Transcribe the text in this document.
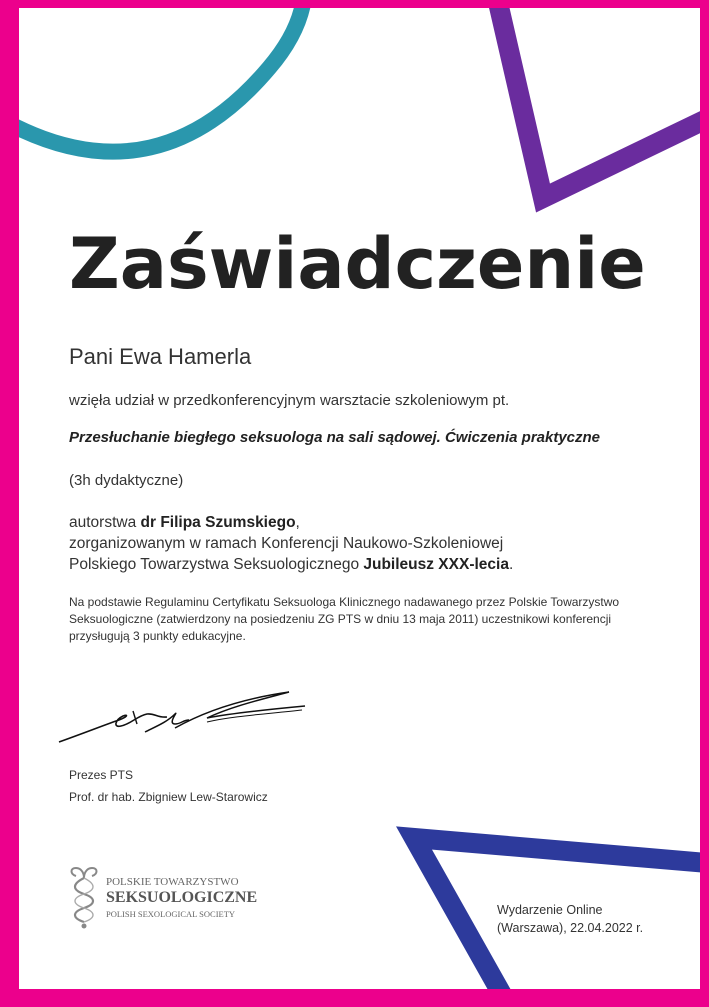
Zaświadczenie
Pani Ewa Hamerla
wzięła udział w przedkonferencyjnym warsztacie szkoleniowym pt.
Przesłuchanie biegłego seksuologa na sali sądowej. Ćwiczenia praktyczne
(3h dydaktyczne)
autorstwa dr Filipa Szumskiego,
zorganizowanym w ramach Konferencji Naukowo-Szkoleniowej
Polskiego Towarzystwa Seksuologicznego Jubileusz XXX-lecia.
Na podstawie Regulaminu Certyfikatu Seksuologa Klinicznego nadawanego przez Polskie Towarzystwo Seksuologiczne (zatwierdzony na posiedzeniu ZG PTS w dniu 13 maja 2011) uczestnikowi konferencji przysługują 3 punkty edukacyjne.
Prezes PTS
Prof. dr hab. Zbigniew Lew-Starowicz
POLSKIE TOWARZYSTWO
SEKSUOLOGICZNE
POLISH SEXOLOGICAL SOCIETY	Wydarzenie Online
(Warszawa), 22.04.2022 r.
